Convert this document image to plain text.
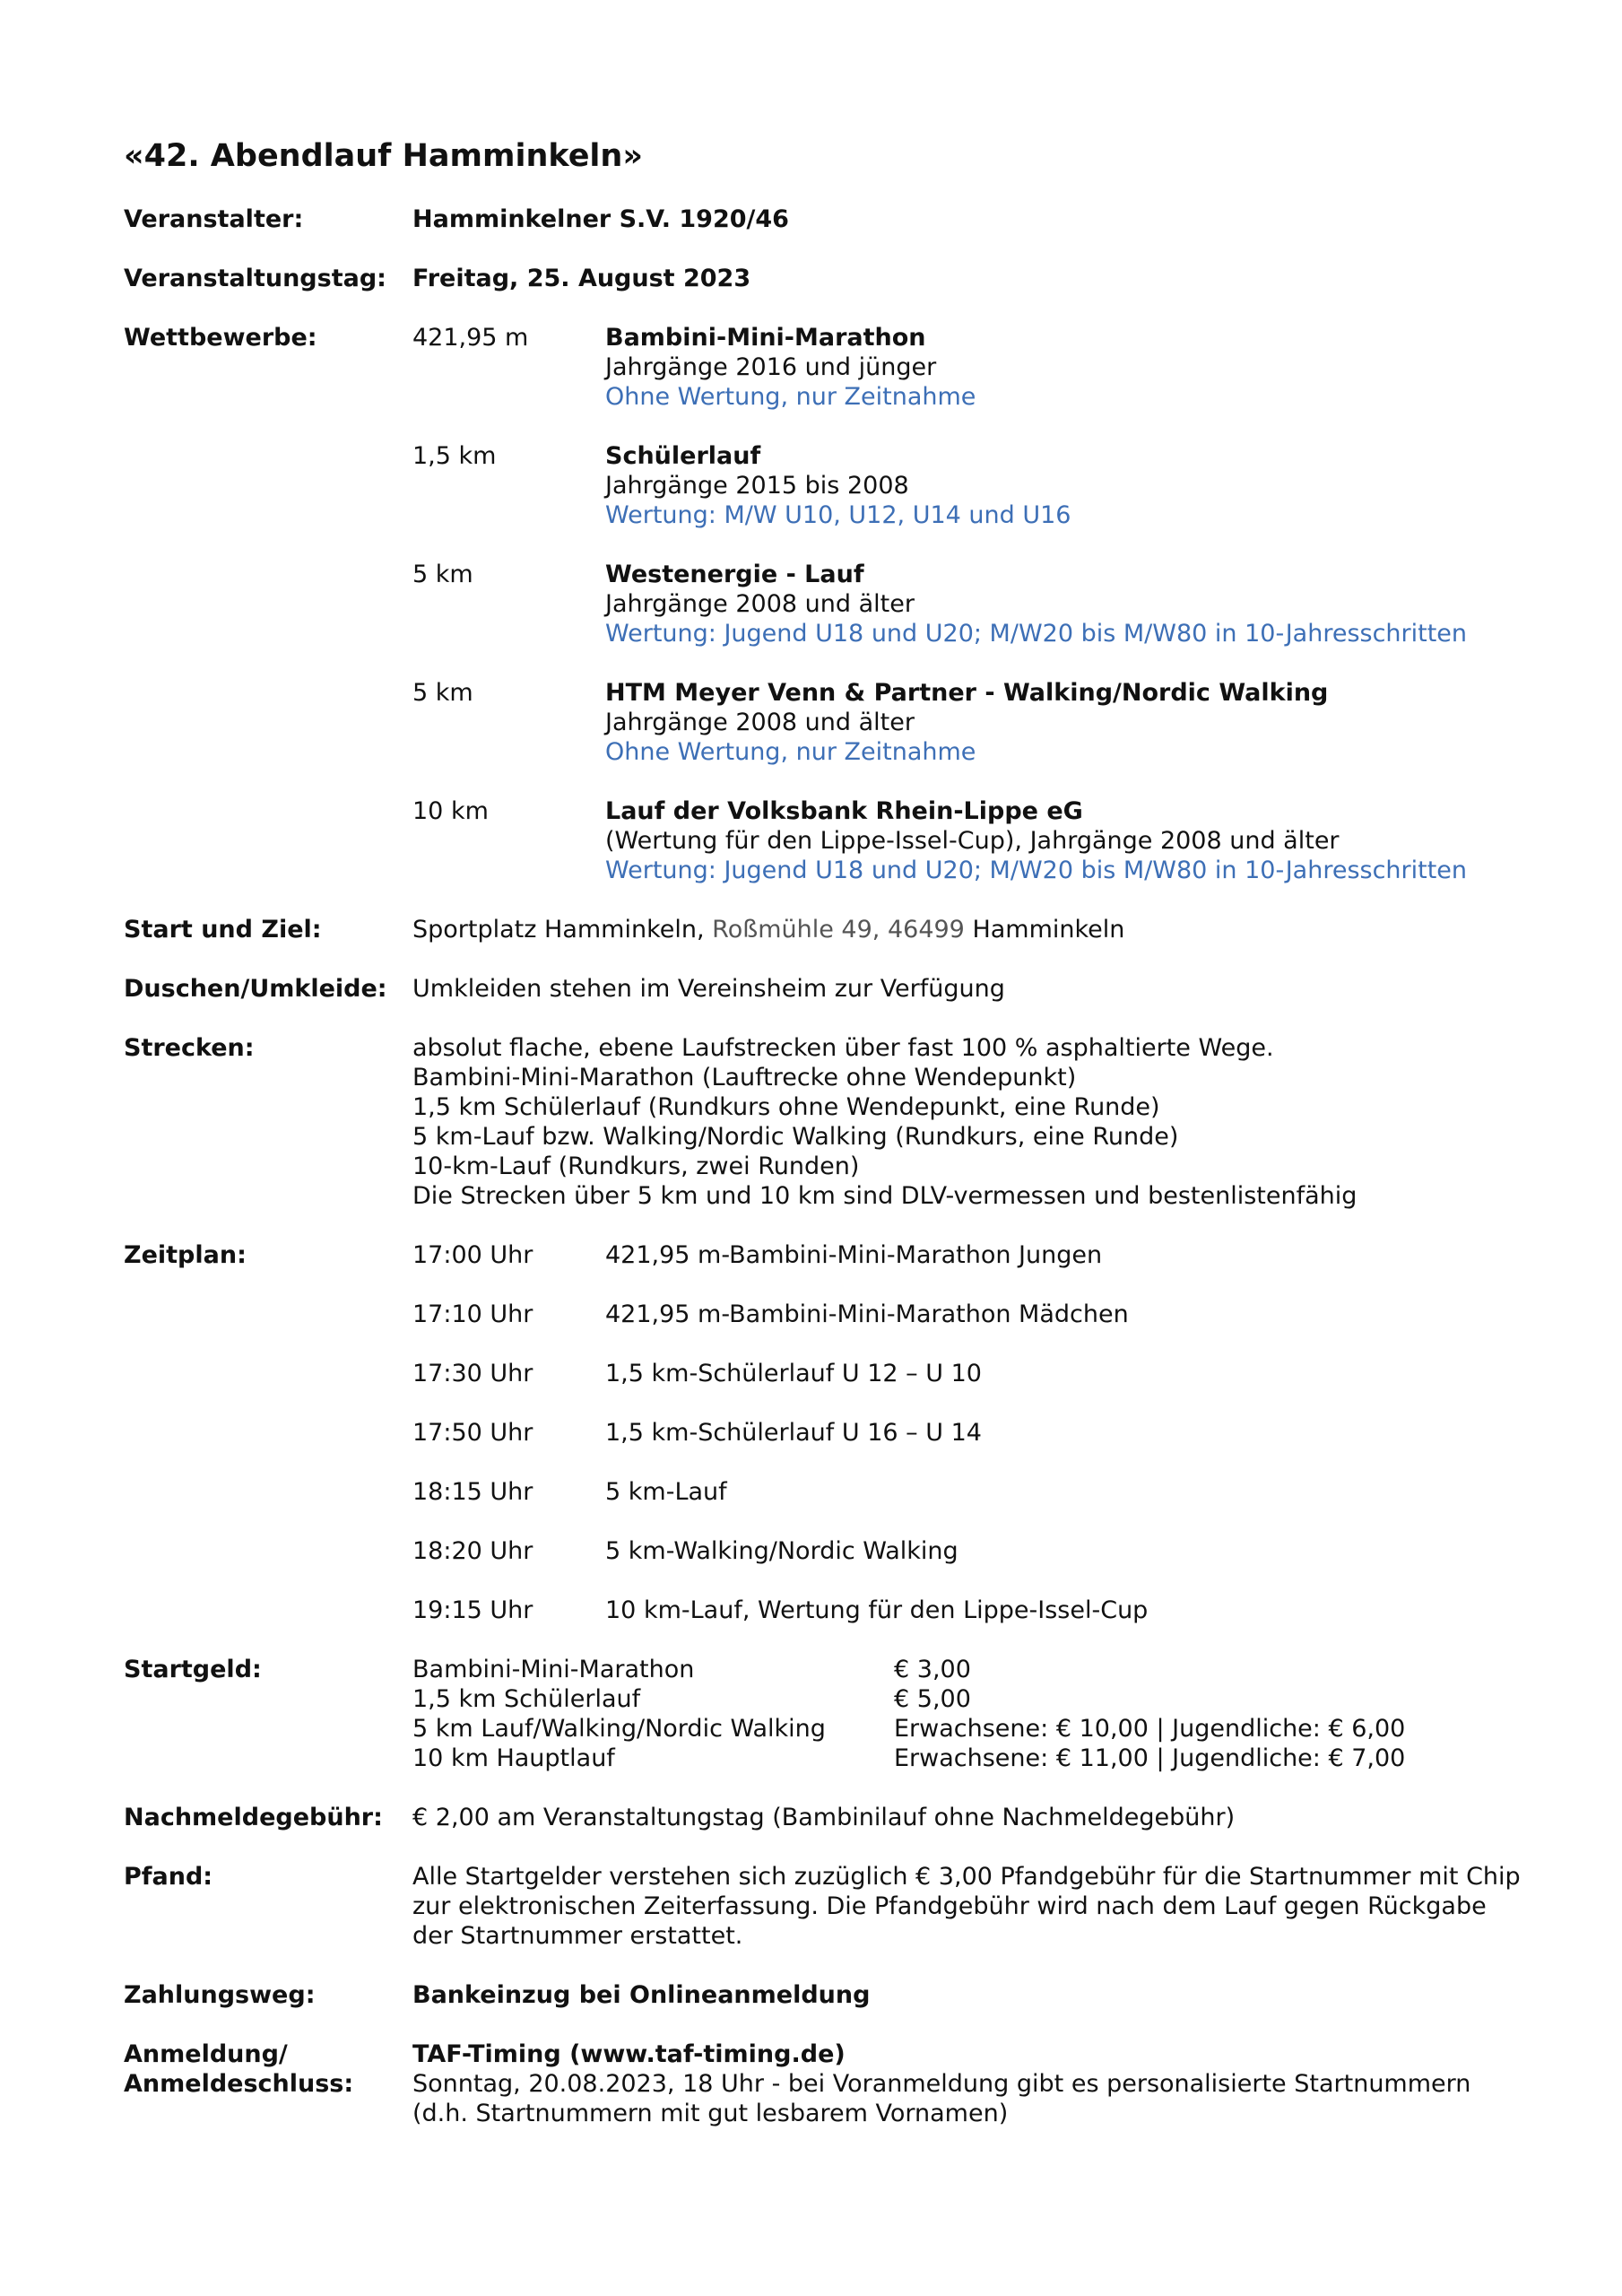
«42. Abendlauf Hamminkeln»
Veranstalter:	Hamminkelner S.V. 1920/46
Veranstaltungstag: Freitag, 25. August 2023
Wettbewerbe:	421,95 m	Bambini-Mini-Marathon
Jahrgänge 2016 und jünger
Ohne Wertung, nur Zeitnahme
1,5 km	Schülerlauf
Jahrgänge 2015 bis 2008
Wertung: M/W U10, U12, U14 und U16
5 km	Westenergie - Lauf
Jahrgänge 2008 und älter
Wertung: Jugend U18 und U20; M/W20 bis M/W80 in 10-Jahresschritten
5 km	HTM Meyer Venn & Partner - Walking/Nordic Walking
Jahrgänge 2008 und älter
Ohne Wertung, nur Zeitnahme
10 km	Lauf der Volksbank Rhein-Lippe eG
(Wertung für den Lippe-Issel-Cup), Jahrgänge 2008 und älter
Wertung: Jugend U18 und U20; M/W20 bis M/W80 in 10-Jahresschritten
Start und Ziel:	Sportplatz Hamminkeln, Roßmühle 49, 46499 Hamminkeln
Duschen/Umkleide: Umkleiden stehen im Vereinsheim zur Verfügung
Strecken:	absolut flache, ebene Laufstrecken über fast 100 % asphaltierte Wege.
Bambini-Mini-Marathon (Lauftrecke ohne Wendepunkt)
1,5 km Schülerlauf (Rundkurs ohne Wendepunkt, eine Runde)
5 km-Lauf bzw. Walking/Nordic Walking (Rundkurs, eine Runde)
10-km-Lauf (Rundkurs, zwei Runden)
Die Strecken über 5 km und 10 km sind DLV-vermessen und bestenlistenfähig
Zeitplan:	17:00 Uhr	421,95 m-Bambini-Mini-Marathon Jungen
17:10 Uhr	421,95 m-Bambini-Mini-Marathon Mädchen
17:30 Uhr	1,5 km-Schülerlauf U 12 – U 10
17:50 Uhr	1,5 km-Schülerlauf U 16 – U 14
18:15 Uhr	5 km-Lauf
18:20 Uhr	5 km-Walking/Nordic Walking
19:15 Uhr	10 km-Lauf, Wertung für den Lippe-Issel-Cup
Startgeld:	Bambini-Mini-Marathon	€ 3,00
1,5 km Schülerlauf	€ 5,00
5 km Lauf/Walking/Nordic Walking	Erwachsene: € 10,00 | Jugendliche: € 6,00
10 km Hauptlauf	Erwachsene: € 11,00 | Jugendliche: € 7,00
Nachmeldegebühr: € 2,00 am Veranstaltungstag (Bambinilauf ohne Nachmeldegebühr)
Pfand:	Alle Startgelder verstehen sich zuzüglich € 3,00 Pfandgebühr für die Startnummer mit Chip
zur elektronischen Zeiterfassung. Die Pfandgebühr wird nach dem Lauf gegen Rückgabe
der Startnummer erstattet.
Zahlungsweg:	Bankeinzug bei Onlineanmeldung
Anmeldung/
Anmeldeschluss:
TAF-Timing (www.taf-timing.de)
Sonntag, 20.08.2023, 18 Uhr - bei Voranmeldung gibt es personalisierte Startnummern
(d.h. Startnummern mit gut lesbarem Vornamen)
